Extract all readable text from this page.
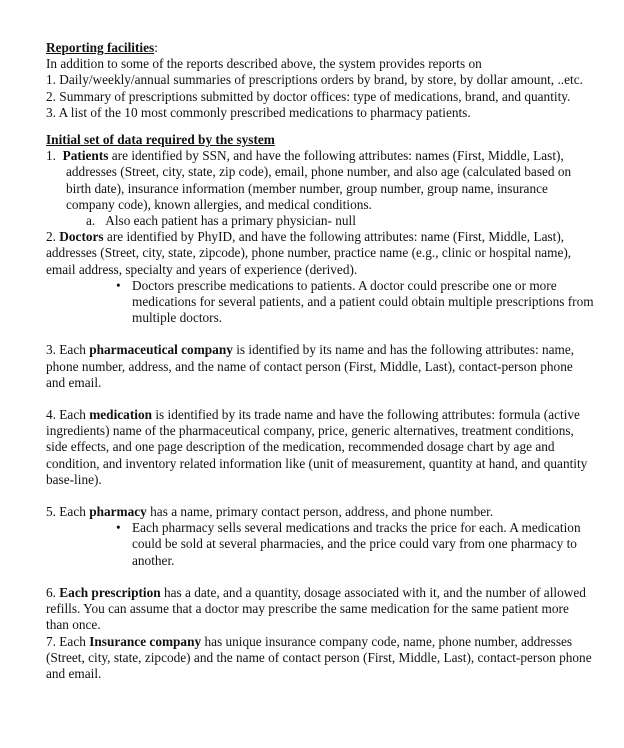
Reporting facilities:

In addition to some of the reports described above, the system provides reports on

1. Daily/weekly/annual summaries of prescriptions orders by brand, by store, by dollar amount, ..etc.

2. Summary of prescriptions submitted by doctor offices: type of medications, brand, and quantity.

3. A list of the 10 most commonly prescribed medications to pharmacy patients.

Initial set of data required by the system

1. Patients are identified by SSN, and have the following attributes: names (First, Middle, Last), addresses (Street, city, state, zip code), email, phone number, and also age (calculated based on birth date), insurance information (member number, group number, group name, insurance company code), known allergies, and medical conditions.

a. Also each patient has a primary physician- null

2. Doctors are identified by PhyID, and have the following attributes: name (First, Middle, Last), addresses (Street, city, state, zipcode), phone number, practice name (e.g., clinic or hospital name), email address, specialty and years of experience (derived).

• Doctors prescribe medications to patients. A doctor could prescribe one or more medications for several patients, and a patient could obtain multiple prescriptions from multiple doctors.

3. Each pharmaceutical company is identified by its name and has the following attributes: name, phone number, address, and the name of contact person (First, Middle, Last), contact-person phone and email.

4. Each medication is identified by its trade name and have the following attributes: formula (active ingredients) name of the pharmaceutical company, price, generic alternatives, treatment conditions, side effects, and one page description of the medication, recommended dosage chart by age and condition, and inventory related information like (unit of measurement, quantity at hand, and quantity base-line).

5. Each pharmacy has a name, primary contact person, address, and phone number.

• Each pharmacy sells several medications and tracks the price for each. A medication could be sold at several pharmacies, and the price could vary from one pharmacy to another.

6. Each prescription has a date, and a quantity, dosage associated with it, and the number of allowed refills. You can assume that a doctor may prescribe the same medication for the same patient more than once.

7. Each Insurance company has unique insurance company code, name, phone number, addresses (Street, city, state, zipcode) and the name of contact person (First, Middle, Last), contact-person phone and email.
